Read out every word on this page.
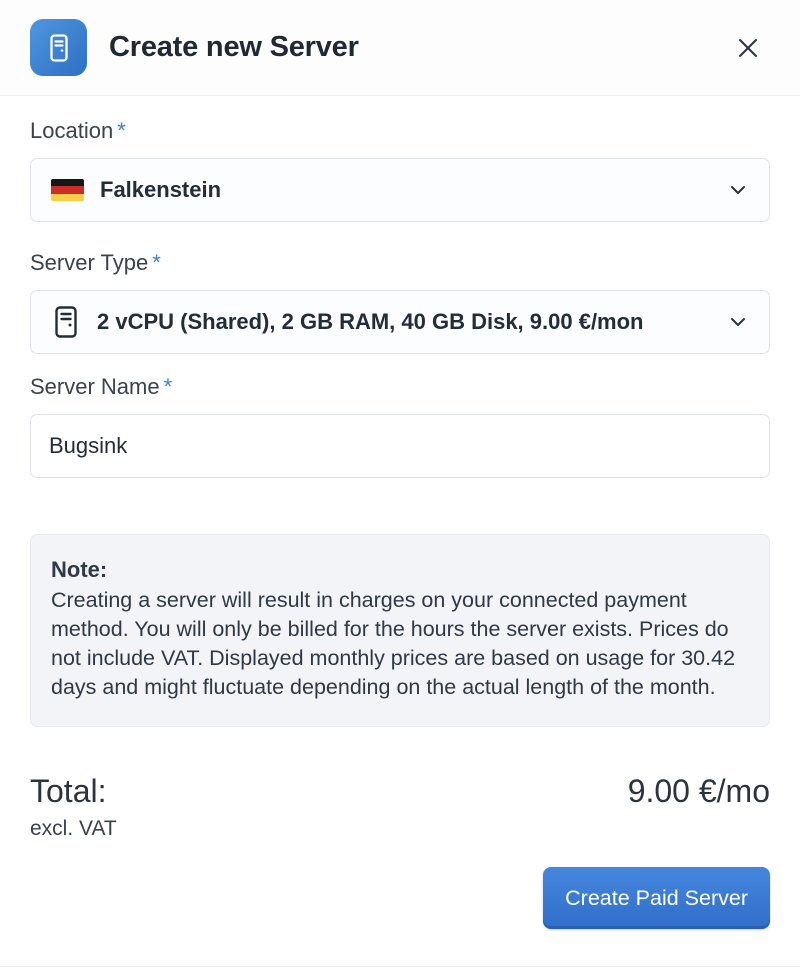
Create new Server
Location *
Falkenstein
Server Type *
2 vCPU (Shared), 2 GB RAM, 40 GB Disk, 9.00 €/mon
Server Name *
Bugsink
Note:
Creating a server will result in charges on your connected payment method. You will only be billed for the hours the server exists. Prices do not include VAT. Displayed monthly prices are based on usage for 30.42 days and might fluctuate depending on the actual length of the month.
Total:
excl. VAT
9.00 €/mo
Create Paid Server
